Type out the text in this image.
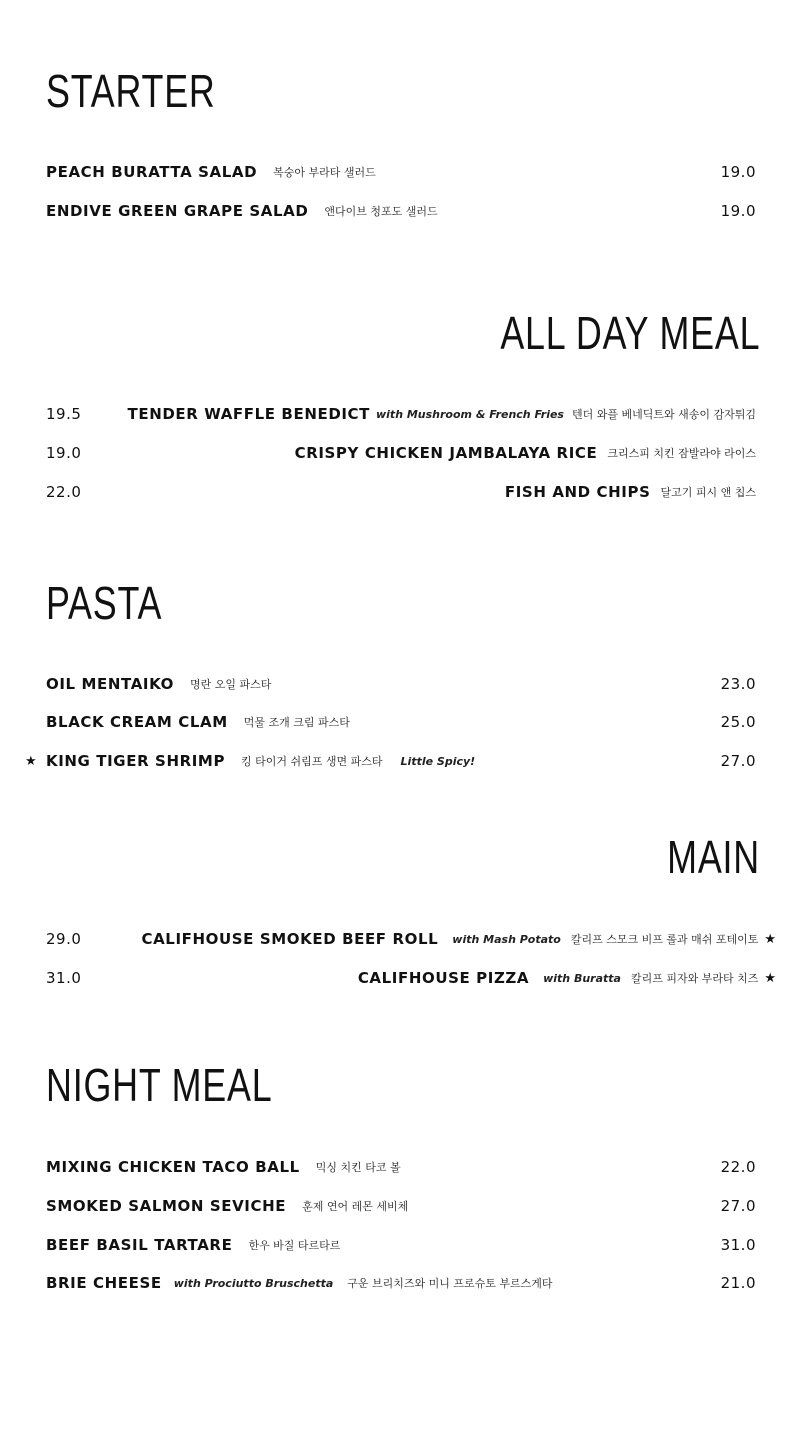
STARTER
PEACH BURATTA SALAD 복숭아 부라타 샐러드	19.0
ENDIVE GREEN GRAPE SALAD 앤다이브 청포도 샐러드	19.0
ALL DAY MEAL
19.5	TENDER WAFFLE BENEDICT with Mushroom & French Fries 텐더 와플 베네딕트와 새송이 감자튀김
19.0	CRISPY CHICKEN JAMBALAYA RICE 크리스피 치킨 잠발라야 라이스
22.0	FISH AND CHIPS 달고기 피시 앤 칩스
PASTA
OIL MENTAIKO 명란 오일 파스타	23.0
BLACK CREAM CLAM 먹물 조개 크림 파스타	25.0
★ KING TIGER SHRIMP 킹 타이거 쉬림프 생면 파스타 Little Spicy!	27.0
MAIN
29.0	CALIFHOUSE SMOKED BEEF ROLL with Mash Potato 칼리프 스모크 비프 롤과 매쉬 포테이토 ★
31.0	CALIFHOUSE PIZZA with Buratta 칼리프 피자와 부라타 치즈 ★
NIGHT MEAL
MIXING CHICKEN TACO BALL 믹싱 치킨 타코 볼	22.0
SMOKED SALMON SEVICHE 훈제 연어 레몬 세비체	27.0
BEEF BASIL TARTARE 한우 바질 타르타르	31.0
BRIE CHEESE with Prociutto Bruschetta 구운 브리치즈와 미니 프로슈토 부르스게타	21.0
